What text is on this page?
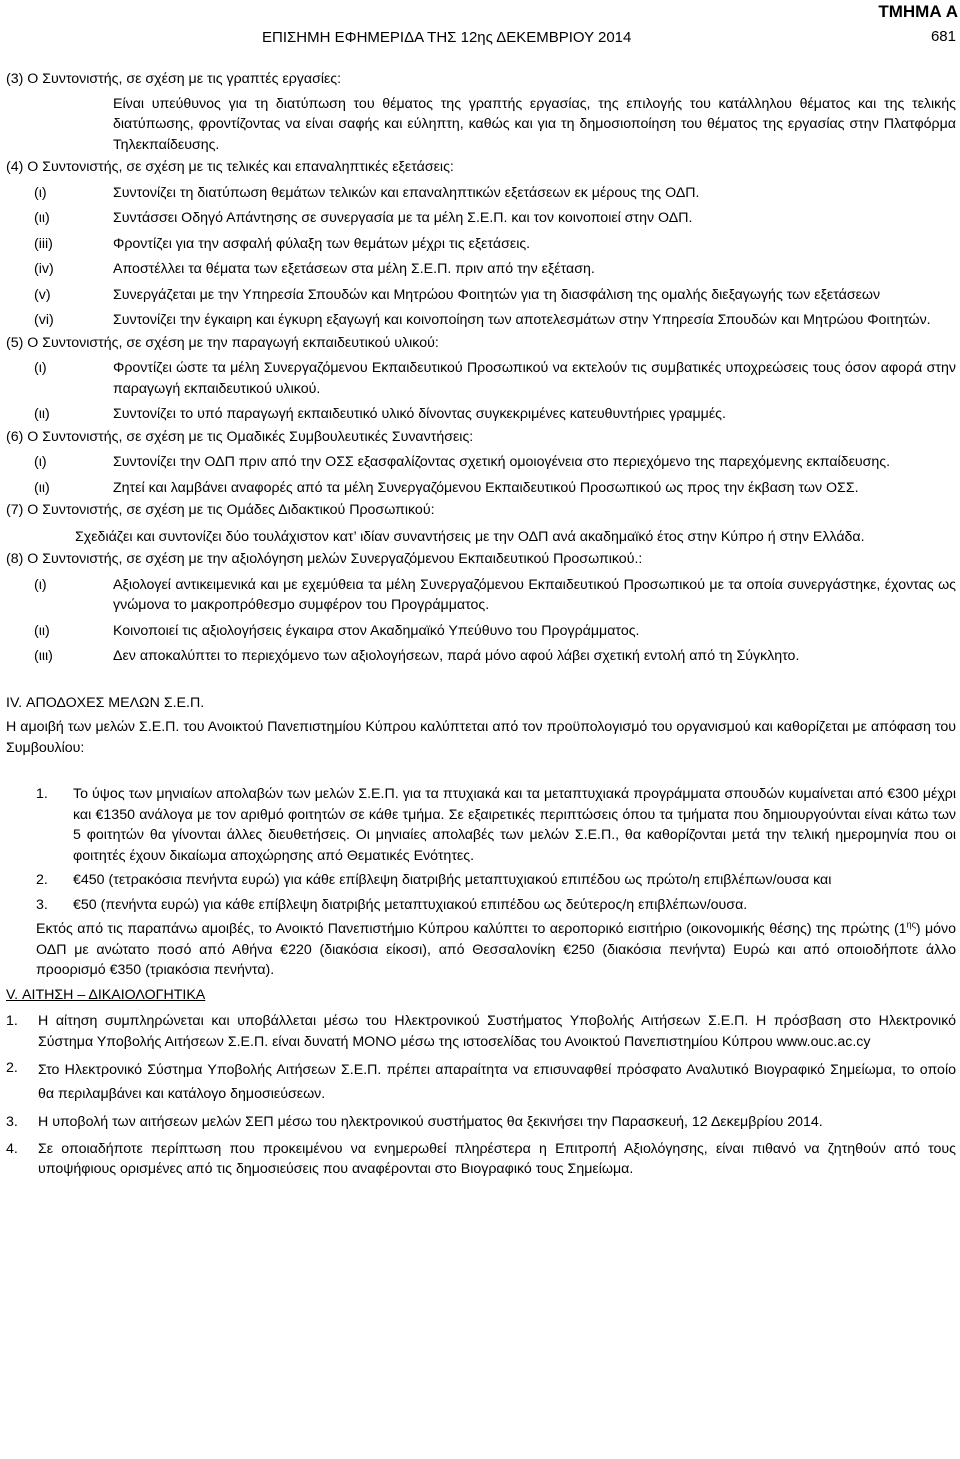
ΤΜΗΜΑ Α
ΕΠΙΣΗΜΗ ΕΦΗΜΕΡΙΔΑ ΤΗΣ 12ης ΔΕΚΕΜΒΡΙΟΥ 2014	681

(3) Ο Συντονιστής, σε σχέση με τις γραπτές εργασίες:

Είναι υπεύθυνος για τη διατύπωση του θέματος της γραπτής εργασίας, της επιλογής του κατάλληλου θέματος και της τελικής διατύπωσης, φροντίζοντας να είναι σαφής και εύληπτη, καθώς και για τη δημοσιοποίηση του θέματος της εργασίας στην Πλατφόρμα Τηλεκπαίδευσης.

(4) Ο Συντονιστής, σε σχέση με τις τελικές και επαναληπτικές εξετάσεις:

(ι)	Συντονίζει τη διατύπωση θεμάτων τελικών και επαναληπτικών εξετάσεων εκ μέρους της ΟΔΠ.
(ιι)	Συντάσσει Οδηγό Απάντησης σε συνεργασία με τα μέλη Σ.Ε.Π. και τον κοινοποιεί στην ΟΔΠ.
(iii)	Φροντίζει για την ασφαλή φύλαξη των θεμάτων μέχρι τις εξετάσεις.
(iv)	Αποστέλλει τα θέματα των εξετάσεων στα μέλη Σ.Ε.Π. πριν από την εξέταση.
(v)	Συνεργάζεται με την Υπηρεσία Σπουδών και Μητρώου Φοιτητών για τη διασφάλιση της ομαλής διεξαγωγής των εξετάσεων
(vi)	Συντονίζει την έγκαιρη και έγκυρη εξαγωγή και κοινοποίηση των αποτελεσμάτων στην Υπηρεσία Σπουδών και Μητρώου Φοιτητών.

(5) Ο Συντονιστής, σε σχέση με την παραγωγή εκπαιδευτικού υλικού:

(ι)	Φροντίζει ώστε τα μέλη Συνεργαζόμενου Εκπαιδευτικού Προσωπικού να εκτελούν τις συμβατικές υποχρεώσεις τους όσον αφορά στην παραγωγή εκπαιδευτικού υλικού.
(ιι)	Συντονίζει το υπό παραγωγή εκπαιδευτικό υλικό δίνοντας συγκεκριμένες κατευθυντήριες γραμμές.

(6) Ο Συντονιστής, σε σχέση με τις Ομαδικές Συμβουλευτικές Συναντήσεις:

(ι)	Συντονίζει την ΟΔΠ πριν από την ΟΣΣ εξασφαλίζοντας σχετική ομοιογένεια στο περιεχόμενο της παρεχόμενης εκπαίδευσης.
(ιι)	Ζητεί και λαμβάνει αναφορές από τα μέλη Συνεργαζόμενου Εκπαιδευτικού Προσωπικού ως προς την έκβαση των ΟΣΣ.

(7) Ο Συντονιστής, σε σχέση με τις Ομάδες Διδακτικού Προσωπικού:

Σχεδιάζει και συντονίζει δύο τουλάχιστον κατ’ ιδίαν συναντήσεις με την ΟΔΠ ανά ακαδημαϊκό έτος στην Κύπρο ή στην Ελλάδα.

(8) Ο Συντονιστής, σε σχέση με την αξιολόγηση μελών Συνεργαζόμενου Εκπαιδευτικού Προσωπικού.:

(ι)	Αξιολογεί αντικειμενικά και με εχεμύθεια τα μέλη Συνεργαζόμενου Εκπαιδευτικού Προσωπικού με τα οποία συνεργάστηκε, έχοντας ως γνώμονα το μακροπρόθεσμο συμφέρον του Προγράμματος.
(ιι)	Κοινοποιεί τις αξιολογήσεις έγκαιρα στον Ακαδημαϊκό Υπεύθυνο του Προγράμματος.
(ιιι)	Δεν αποκαλύπτει το περιεχόμενο των αξιολογήσεων, παρά μόνο αφού λάβει σχετική εντολή από τη Σύγκλητο.

IV. ΑΠΟΔΟΧΕΣ ΜΕΛΩΝ Σ.Ε.Π.

Η αμοιβή των μελών Σ.Ε.Π. του Ανοικτού Πανεπιστημίου Κύπρου καλύπτεται από τον προϋπολογισμό του οργανισμού και καθορίζεται με απόφαση του Συμβουλίου:

1.	Το ύψος των μηνιαίων απολαβών των μελών Σ.Ε.Π. για τα πτυχιακά και τα μεταπτυχιακά προγράμματα σπουδών κυμαίνεται από €300 μέχρι και €1350 ανάλογα με τον αριθμό φοιτητών σε κάθε τμήμα. Σε εξαιρετικές περιπτώσεις όπου τα τμήματα που δημιουργούνται είναι κάτω των 5 φοιτητών θα γίνονται άλλες διευθετήσεις. Οι μηνιαίες απολαβές των μελών Σ.Ε.Π., θα καθορίζονται μετά την τελική ημερομηνία που οι φοιτητές έχουν δικαίωμα αποχώρησης από Θεματικές Ενότητες.
2.	€450 (τετρακόσια πενήντα ευρώ) για κάθε επίβλεψη διατριβής μεταπτυχιακού επιπέδου ως πρώτο/η επιβλέπων/ουσα και
3.	€50 (πενήντα ευρώ) για κάθε επίβλεψη διατριβής μεταπτυχιακού επιπέδου ως δεύτερος/η επιβλέπων/ουσα.

Εκτός από τις παραπάνω αμοιβές, το Ανοικτό Πανεπιστήμιο Κύπρου καλύπτει το αεροπορικό εισιτήριο (οικονομικής θέσης) της πρώτης $(1^{\eta\varsigma})$ μόνο ΟΔΠ με ανώτατο ποσό από Αθήνα €220 (διακόσια είκοσι), από Θεσσαλονίκη €250 (διακόσια πενήντα) Ευρώ και από οποιοδήποτε άλλο προορισμό €350 (τριακόσια πενήντα).

V. ΑΙΤΗΣΗ – ΔΙΚΑΙΟΛΟΓΗΤΙΚΑ

1.	Η αίτηση συμπληρώνεται και υποβάλλεται μέσω του Ηλεκτρονικού Συστήματος Υποβολής Αιτήσεων Σ.Ε.Π. Η πρόσβαση στο Ηλεκτρονικό Σύστημα Υποβολής Αιτήσεων Σ.Ε.Π. είναι δυνατή ΜΟΝΟ μέσω της ιστοσελίδας του Ανοικτού Πανεπιστημίου Κύπρου www.ouc.ac.cy
2.	Στο Ηλεκτρονικό Σύστημα Υποβολής Αιτήσεων Σ.Ε.Π. πρέπει απαραίτητα να επισυναφθεί πρόσφατο Αναλυτικό Βιογραφικό Σημείωμα, το οποίο θα περιλαμβάνει και κατάλογο δημοσιεύσεων.
3.	Η υποβολή των αιτήσεων μελών ΣΕΠ μέσω του ηλεκτρονικού συστήματος θα ξεκινήσει την Παρασκευή, 12 Δεκεμβρίου 2014.
4.	Σε οποιαδήποτε περίπτωση που προκειμένου να ενημερωθεί πληρέστερα η Επιτροπή Αξιολόγησης, είναι πιθανό να ζητηθούν από τους υποψήφιους ορισμένες από τις δημοσιεύσεις που αναφέρονται στο Βιογραφικό τους Σημείωμα.
